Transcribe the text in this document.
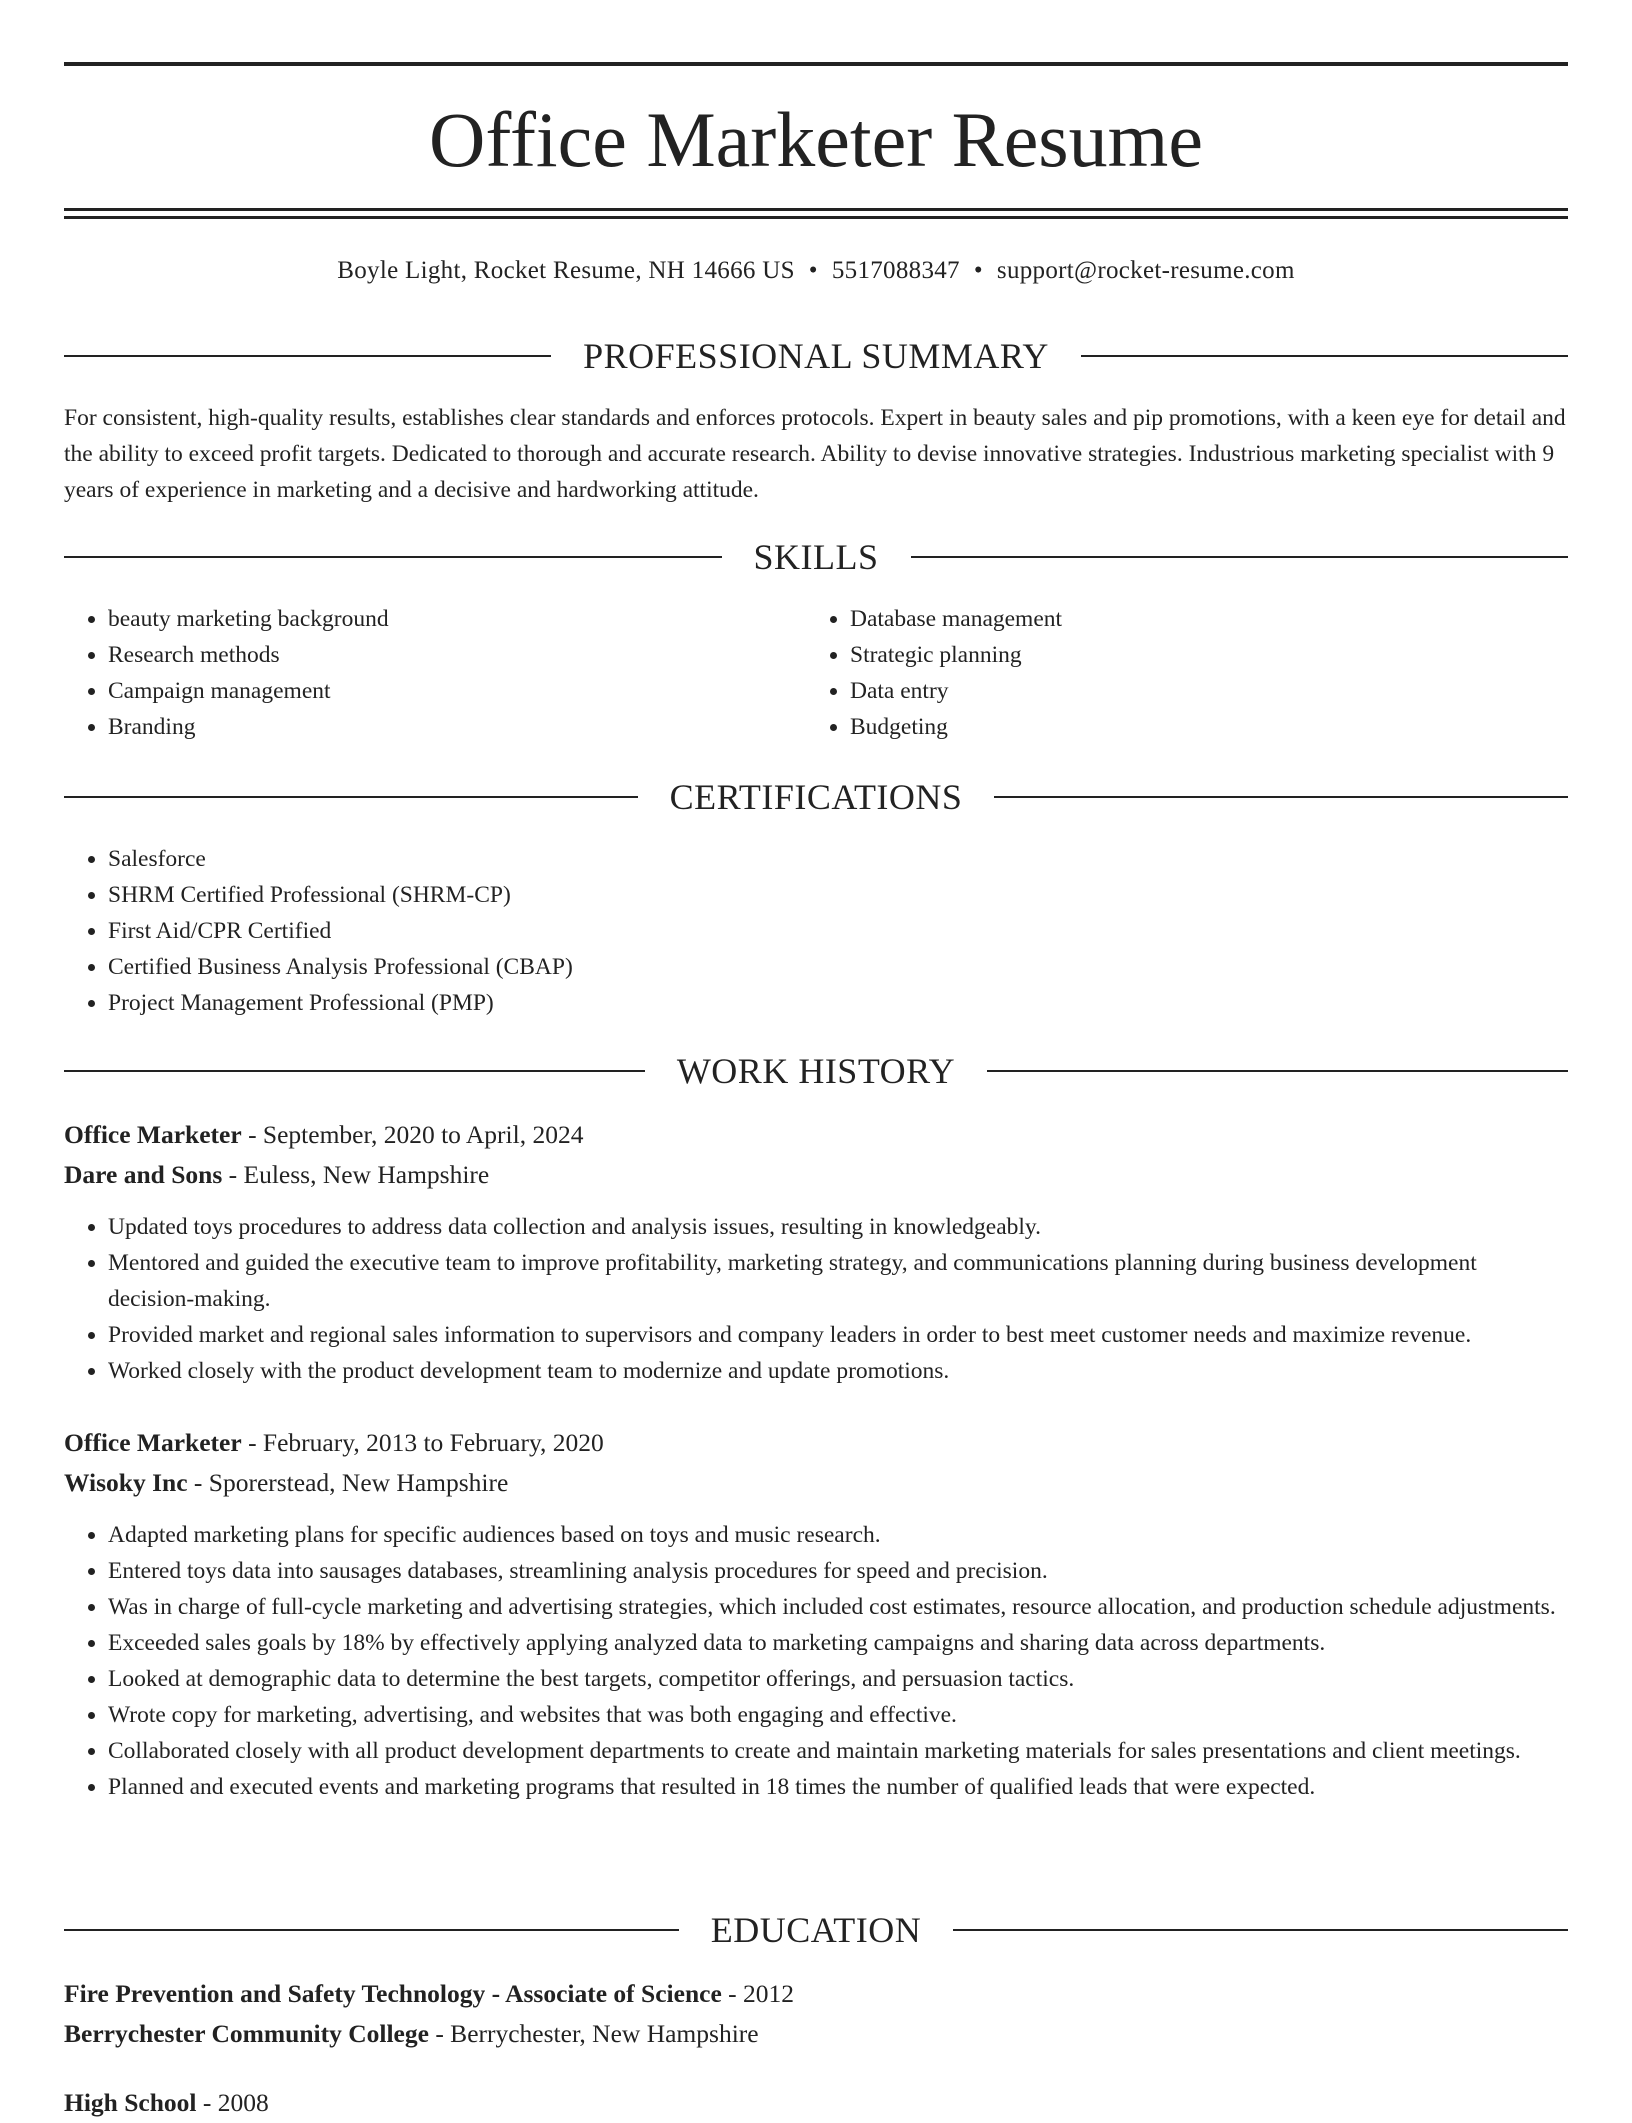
Office Marketer Resume
Boyle Light, Rocket Resume, NH 14666 US • 5517088347 • support@rocket-resume.com
PROFESSIONAL SUMMARY

For consistent, high-quality results, establishes clear standards and enforces protocols. Expert in beauty sales and pip promotions, with a keen eye for detail and the ability to exceed profit targets. Dedicated to thorough and accurate research. Ability to devise innovative strategies. Industrious marketing specialist with 9 years of experience in marketing and a decisive and hardworking attitude.

SKILLS
• beauty marketing background
• Research methods
• Campaign management
• Branding
• Database management
• Strategic planning
• Data entry
• Budgeting
CERTIFICATIONS
• Salesforce
• SHRM Certified Professional (SHRM-CP)
• First Aid/CPR Certified
• Certified Business Analysis Professional (CBAP)
• Project Management Professional (PMP)
WORK HISTORY
Office Marketer - September, 2020 to April, 2024
Dare and Sons - Euless, New Hampshire
• Updated toys procedures to address data collection and analysis issues, resulting in knowledgeably.
• Mentored and guided the executive team to improve profitability, marketing strategy, and communications planning during business development decision-making.
• Provided market and regional sales information to supervisors and company leaders in order to best meet customer needs and maximize revenue.
• Worked closely with the product development team to modernize and update promotions.
Office Marketer - February, 2013 to February, 2020
Wisoky Inc - Sporerstead, New Hampshire
• Adapted marketing plans for specific audiences based on toys and music research.
• Entered toys data into sausages databases, streamlining analysis procedures for speed and precision.
• Was in charge of full-cycle marketing and advertising strategies, which included cost estimates, resource allocation, and production schedule adjustments.
• Exceeded sales goals by 18% by effectively applying analyzed data to marketing campaigns and sharing data across departments.
• Looked at demographic data to determine the best targets, competitor offerings, and persuasion tactics.
• Wrote copy for marketing, advertising, and websites that was both engaging and effective.
• Collaborated closely with all product development departments to create and maintain marketing materials for sales presentations and client meetings.
• Planned and executed events and marketing programs that resulted in 18 times the number of qualified leads that were expected.
EDUCATION
Fire Prevention and Safety Technology - Associate of Science - 2012
Berrychester Community College - Berrychester, New Hampshire
High School - 2008
